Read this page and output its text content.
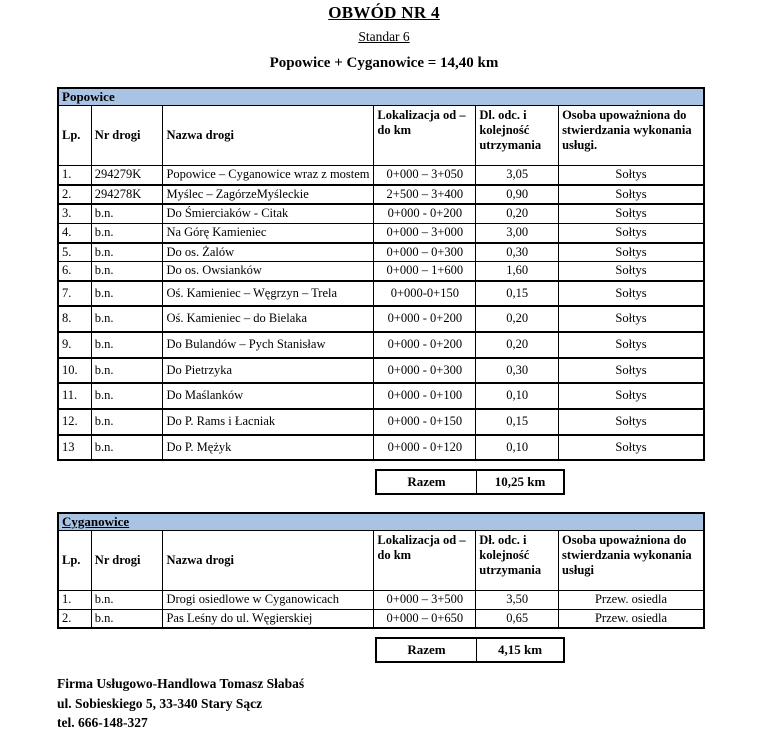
OBWÓD NR 4
Standar 6
Popowice + Cyganowice = 14,40 km
Popowice					
Lp.	Nr drogi	Nazwa drogi	Lokalizacja od – do km	Dl. odc. i kolejność utrzymania	Osoba upoważniona do stwierdzania wykonania usługi.
1.	294279K	Popowice – Cyganowice wraz z mostem	0+000 – 3+050	3,05	Sołtys
2.	294278K	Myślec – ZagórzeMyśleckie	2+500 – 3+400	0,90	Sołtys
3.	b.n.	Do Śmierciaków - Citak	0+000 - 0+200	0,20	Sołtys
4.	b.n.	Na Górę Kamieniec	0+000 – 3+000	3,00	Sołtys
5.	b.n.	Do os. Żalów	0+000 – 0+300	0,30	Sołtys
6.	b.n.	Do os. Owsianków	0+000 – 1+600	1,60	Sołtys
7.	b.n.	Oś. Kamieniec – Węgrzyn – Trela	0+000-0+150	0,15	Sołtys
8.	b.n.	Oś. Kamieniec – do Bielaka	0+000 - 0+200	0,20	Sołtys
9.	b.n.	Do Bulandów – Pych Stanisław	0+000 - 0+200	0,20	Sołtys
10.	b.n.	Do Pietrzyka	0+000 - 0+300	0,30	Sołtys
11.	b.n.	Do Maślanków	0+000 - 0+100	0,10	Sołtys
12.	b.n.	Do P. Rams i Łacniak	0+000 - 0+150	0,15	Sołtys
13	b.n.	Do P. Mężyk	0+000 - 0+120	0,10	Sołtys
Razem	10,25 km
Cyganowice					
Lp.	Nr drogi	Nazwa drogi	Lokalizacja od – do km	Dł. odc. i kolejność utrzymania	Osoba upoważniona do stwierdzania wykonania usługi
1.	b.n.	Drogi osiedlowe w Cyganowicach	0+000 – 3+500	3,50	Przew. osiedla
2.	b.n.	Pas Leśny do ul. Węgierskiej	0+000 – 0+650	0,65	Przew. osiedla
Razem	4,15 km
Firma Usługowo-Handlowa Tomasz Słabaś
ul. Sobieskiego 5, 33-340 Stary Sącz
tel. 666-148-327
